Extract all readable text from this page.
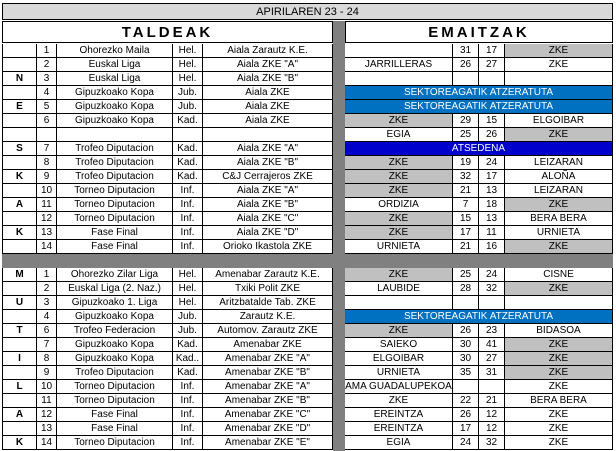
APIRILAREN 23 - 24
TALDEAK	EMAITZAK
1	Ohorezko Maila	Hel.	Aiala Zarautz K.E.	31	17	ZKE
2	Euskal Liga	Hel.	Aiala ZKE "A"	JARRILLERAS	26	27	ZKE
N	3	Euskal Liga	Hel.	Aiala ZKE "B"
4	Gipuzkoako Kopa	Jub.	Aiala ZKE	SEKTOREAGATIK ATZERATUTA
E	5	Gipuzkoako Kopa	Jub.	Aiala ZKE	SEKTOREAGATIK ATZERATUTA
6	Gipuzkoako Kopa	Kad.	Aiala ZKE	ZKE	29	15	ELGOIBAR
EGIA	25	26	ZKE
S	7	Trofeo Diputacion	Kad.	Aiala ZKE "A"	ATSEDENA
8	Trofeo Diputacion	Kad.	Aiala ZKE "B"	ZKE	19	24	LEIZARAN
K	9	Trofeo Diputacion	Kad.	C&J Cerrajeros ZKE	ZKE	32	17	ALOÑA
10	Torneo Diputacion	Inf.	Aiala ZKE "A"	ZKE	21	13	LEIZARAN
A	11	Torneo Diputacion	Inf.	Aiala ZKE "B"	ORDIZIA	7	18	ZKE
12	Torneo Diputacion	Inf.	Aiala ZKE "C"	ZKE	15	13	BERA BERA
K	13	Fase Final	Inf.	Aiala ZKE "D"	ZKE	17	11	URNIETA
14	Fase Final	Inf.	Orioko Ikastola ZKE	URNIETA	21	16	ZKE
M	1	Ohorezko Zilar Liga	Hel.	Amenabar Zarautz K.E.	ZKE	25	24	CISNE
2	Euskal Liga (2. Naz.)	Hel.	Txiki Polit ZKE	LAUBIDE	28	32	ZKE
U	3	Gipuzkoako 1. Liga	Hel.	Aritzbatalde Tab. ZKE
4	Gipuzkoako Kopa	Jub.	Zarautz K.E.	SEKTOREAGATIK ATZERATUTA
T	6	Trofeo Federacion	Jub.	Automov. Zarautz ZKE	ZKE	26	23	BIDASOA
7	Gipuzkoako Kopa	Kad.	Amenabar ZKE	SAIEKO	30	41	ZKE
I	8	Gipuzkoako Kopa	Kad..	Amenabar ZKE "A"	ELGOIBAR	30	27	ZKE
9	Trofeo Diputacion	Kad.	Amenabar ZKE "B"	URNIETA	35	31	ZKE
L	10	Torneo Diputacion	Inf.	Amenabar ZKE "A"	AMA GUADALUPEKOA	ZKE
11	Torneo Diputacion	Inf.	Amenabar ZKE "B"	ZKE	22	21	BERA BERA
A	12	Fase Final	Inf.	Amenabar ZKE "C"	EREINTZA	26	12	ZKE
13	Fase Final	Inf.	Amenabar ZKE "D"	EREINTZA	17	12	ZKE
K	14	Torneo Diputacion	Inf.	Amenabar ZKE "E"	EGIA	24	32	ZKE
